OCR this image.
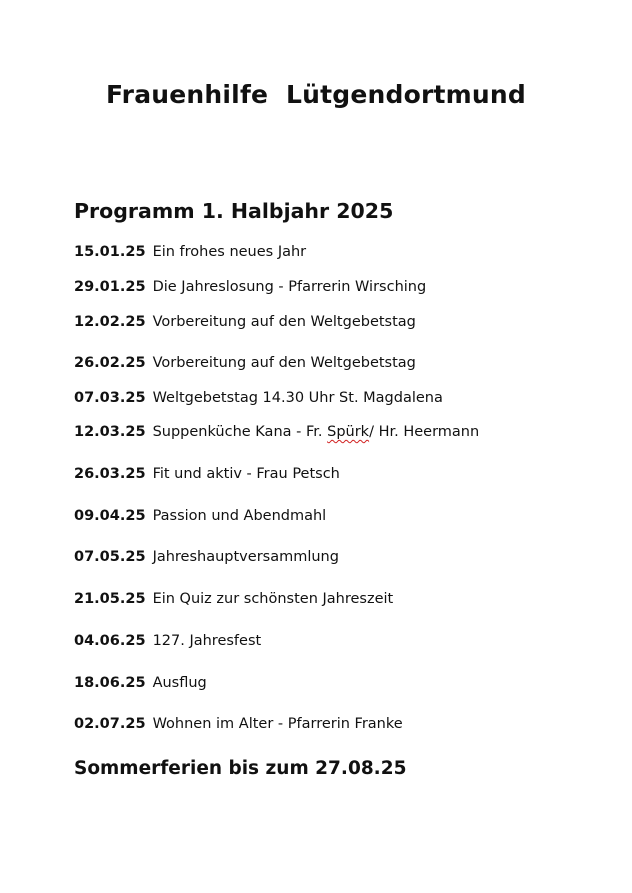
Frauenhilfe  Lütgendortmund
Programm 1. Halbjahr 2025
15.01.25 Ein frohes neues Jahr
29.01.25 Die Jahreslosung - Pfarrerin Wirsching
12.02.25 Vorbereitung auf den Weltgebetstag
26.02.25 Vorbereitung auf den Weltgebetstag
07.03.25 Weltgebetstag 14.30 Uhr St. Magdalena
12.03.25 Suppenküche Kana - Fr. Spürk/ Hr. Heermann
26.03.25 Fit und aktiv - Frau Petsch
09.04.25 Passion und Abendmahl
07.05.25 Jahreshauptversammlung
21.05.25 Ein Quiz zur schönsten Jahreszeit
04.06.25 127. Jahresfest
18.06.25 Ausflug
02.07.25 Wohnen im Alter - Pfarrerin Franke
Sommerferien bis zum 27.08.25
